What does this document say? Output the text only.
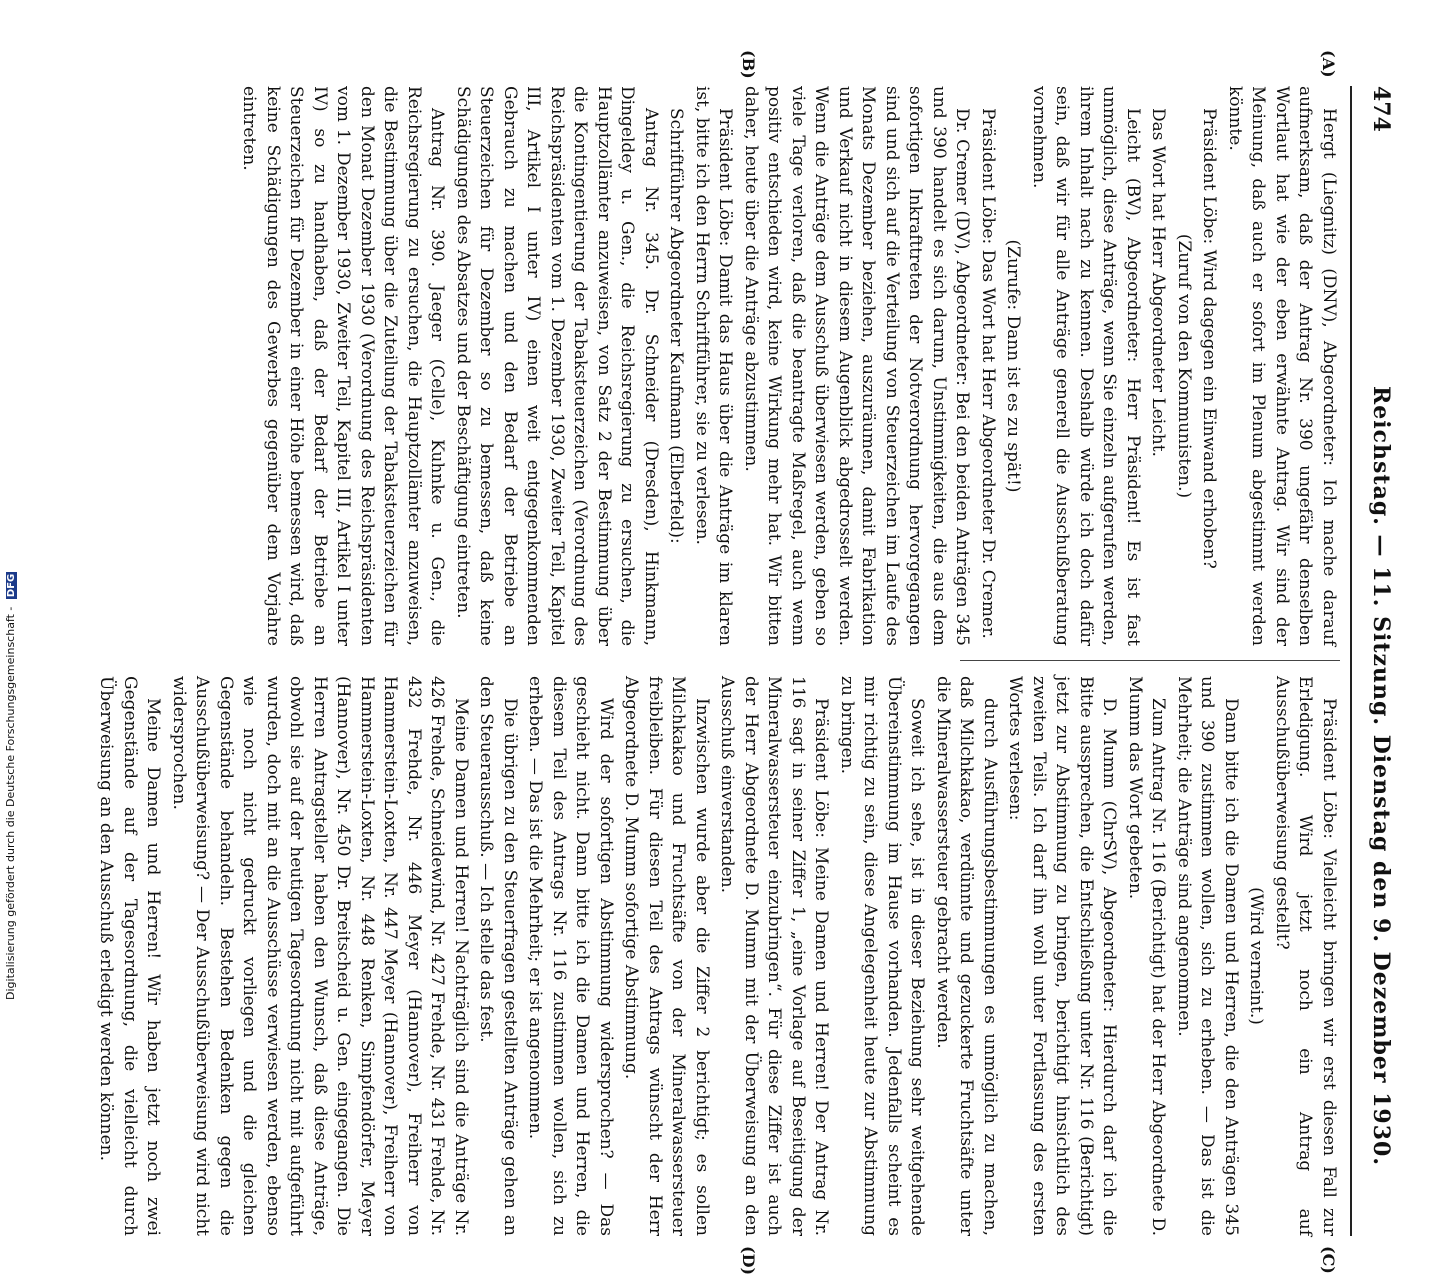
474
Reichstag. — 11. Sitzung. Dienstag den 9. Dezember 1930.

Hergt (Liegnitz) (DNV), Abgeordneter: Ich mache darauf aufmerksam, daß der Antrag Nr. 390 ungefähr denselben Wortlaut hat wie der eben erwähnte Antrag. Wir sind der Meinung, daß auch er sofort im Plenum abgestimmt werden könnte.

Präsident Löbe: Wird dagegen ein Einwand erhoben?

(Zuruf von den Kommunisten.)

Das Wort hat Herr Abgeordneter Leicht.

Leicht (BV), Abgeordneter: Herr Präsident! Es ist fast unmöglich, diese Anträge, wenn Sie einzeln aufgerufen werden, ihrem Inhalt nach zu kennen. Deshalb würde ich doch dafür sein, daß wir für alle Anträge generell die Ausschußberatung vornehmen.

(Zurufe: Dann ist es zu spät!)

Präsident Löbe: Das Wort hat Herr Abgeordneter Dr. Cremer.

Dr. Cremer (DV), Abgeordneter: Bei den beiden Anträgen 345 und 390 handelt es sich darum, Unstimmigkeiten, die aus dem sofortigen Inkrafttreten der Notverordnung hervorgegangen sind und sich auf die Verteilung von Steuerzeichen im Laufe des Monats Dezember beziehen, auszuräumen, damit Fabrikation und Verkauf nicht in diesem Augenblick abgedrosselt werden. Wenn die Anträge dem Ausschuß überwiesen werden, geben so viele Tage verloren, daß die beantragte Maßregel, auch wenn positiv entschieden wird, keine Wirkung mehr hat. Wir bitten daher, heute über die Anträge abzustimmen.

Präsident Löbe: Damit das Haus über die Anträge im klaren ist, bitte ich den Herrn Schriftführer, sie zu verlesen.

Schriftführer Abgeordneter Kaufmann (Elberfeld):

Antrag Nr. 345. Dr. Schneider (Dresden), Hinkmann, Dingeldey u. Gen., die Reichsregierung zu ersuchen, die Hauptzollämter anzuweisen, von Satz 2 der Bestimmung über die Kontingentierung der Tabaksteuerzeichen (Verordnung des Reichspräsidenten vom 1. Dezember 1930, Zweiter Teil, Kapitel III, Artikel I unter IV) einen weit entgegenkommenden Gebrauch zu machen und den Bedarf der Betriebe an Steuerzeichen für Dezember so zu bemessen, daß keine Schädigungen des Absatzes und der Beschäftigung eintreten.

Antrag Nr. 390. Jaeger (Celle), Kuhnke u. Gen., die Reichsregierung zu ersuchen, die Hauptzollämter anzuweisen, die Bestimmung über die Zuteilung der Tabaksteuerzeichen für den Monat Dezember 1930 (Verordnung des Reichspräsidenten vom 1. Dezember 1930, Zweiter Teil, Kapitel III, Artikel I unter IV) so zu handhaben, daß der Bedarf der Betriebe an Steuerzeichen für Dezember in einer Höhe bemessen wird, daß keine Schädigungen des Gewerbes gegenüber dem Vorjahre eintreten.

Präsident Löbe: Vielleicht bringen wir erst diesen Fall zur Erledigung. Wird jetzt noch ein Antrag auf Ausschußüberweisung gestellt?

(Wird verneint.)

Dann bitte ich die Damen und Herren, die den Anträgen 345 und 390 zustimmen wollen, sich zu erheben. — Das ist die Mehrheit; die Anträge sind angenommen.

Zum Antrag Nr. 116 (Berichtigt) hat der Herr Abgeordnete D. Mumm das Wort gebeten.

D. Mumm (ChrSV), Abgeordneter: Hierdurch darf ich die Bitte aussprechen, die Entschließung unter Nr. 116 (Berichtigt) jetzt zur Abstimmung zu bringen, berichtigt hinsichtlich des zweiten Teils. Ich darf ihn wohl unter Fortlassung des ersten Wortes verlesen:

durch Ausführungsbestimmungen es unmöglich zu machen, daß Milchkakao, verdünnte und gezuckerte Fruchtsäfte unter die Mineralwassersteuer gebracht werden.

Soweit ich sehe, ist in dieser Beziehung sehr weitgehende Übereinstimmung im Hause vorhanden. Jedenfalls scheint es mir richtig zu sein, diese Angelegenheit heute zur Abstimmung zu bringen.

Präsident Löbe: Meine Damen und Herren! Der Antrag Nr. 116 sagt in seiner Ziffer 1, „eine Vorlage auf Beseitigung der Mineralwassersteuer einzubringen“. Für diese Ziffer ist auch der Herr Abgeordnete D. Mumm mit der Überweisung an den Ausschuß einverstanden.

Inzwischen wurde aber die Ziffer 2 berichtigt; es sollen Milchkakao und Fruchtsäfte von der Mineralwassersteuer freibleiben. Für diesen Teil des Antrags wünscht der Herr Abgeordnete D. Mumm sofortige Abstimmung.

Wird der sofortigen Abstimmung widersprochen? — Das geschieht nicht. Dann bitte ich die Damen und Herren, die diesem Teil des Antrags Nr. 116 zustimmen wollen, sich zu erheben. — Das ist die Mehrheit; er ist angenommen.

Die übrigen zu den Steuerfragen gestellten Anträge gehen an den Steuerausschuß. — Ich stelle das fest.

Meine Damen und Herren! Nachträglich sind die Anträge Nr. 426 Frehde, Schneidewind, Nr. 427 Frehde, Nr. 431 Frehde, Nr. 432 Frehde, Nr. 446 Meyer (Hannover), Freiherr von Hammerstein-Loxten, Nr. 447 Meyer (Hannover), Freiherr von Hammerstein-Loxten, Nr. 448 Renken, Simpfendörfer, Meyer (Hannover), Nr. 450 Dr. Breitscheid u. Gen. eingegangen. Die Herren Antragsteller haben den Wunsch, daß diese Anträge, obwohl sie auf der heutigen Tagesordnung nicht mit aufgeführt wurden, doch mit an die Ausschüsse verwiesen werden, ebenso wie noch nicht gedruckt vorliegen und die gleichen Gegenstände behandeln. Bestehen Bedenken gegen die Ausschußüberweisung? — Der Ausschußüberweisung wird nicht widersprochen.

Meine Damen und Herren! Wir haben jetzt noch zwei Gegenstände auf der Tagesordnung, die vielleicht durch Überweisung an den Ausschuß erledigt werden können.

(A)
(B)
(C)
(D)
Digitalisierung gefördert durch die Deutsche Forschungsgemeinschaft - DFG
